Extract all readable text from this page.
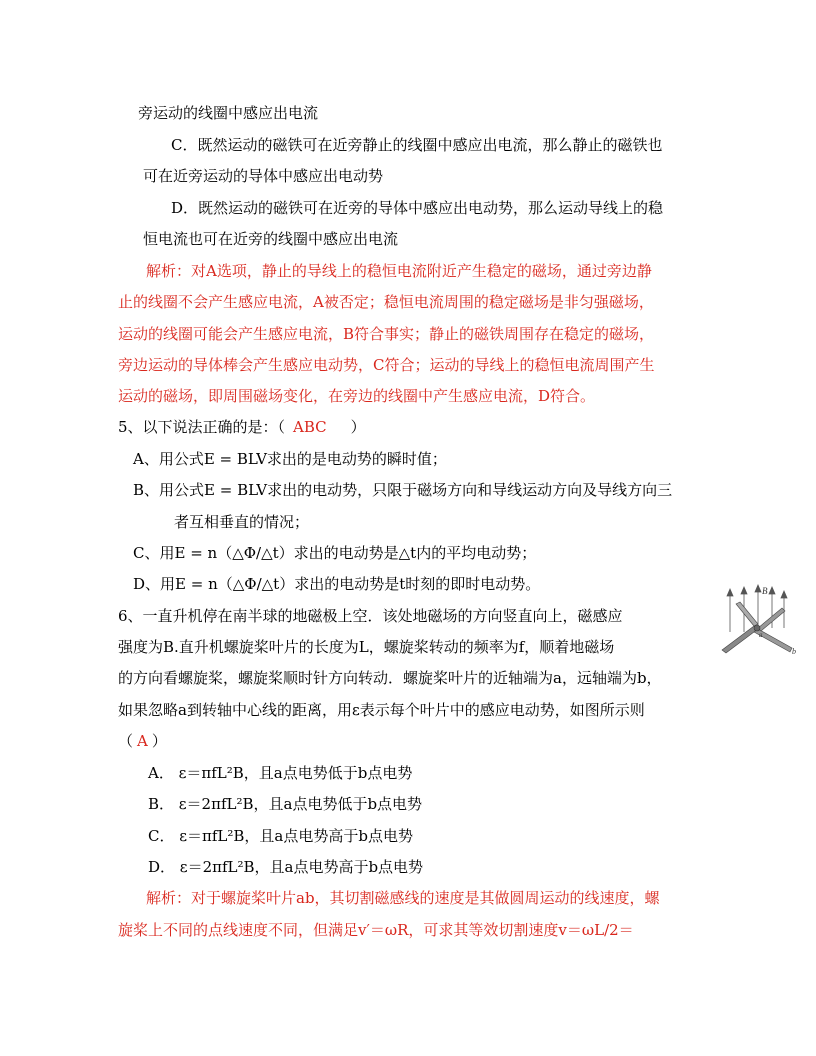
旁运动的线圈中感应出电流
C．既然运动的磁铁可在近旁静止的线圈中感应出电流，那么静止的磁铁也
可在近旁运动的导体中感应出电动势
D．既然运动的磁铁可在近旁的导体中感应出电动势，那么运动导线上的稳
恒电流也可在近旁的线圈中感应出电流
解析：对A选项，静止的导线上的稳恒电流附近产生稳定的磁场，通过旁边静
止的线圈不会产生感应电流，A被否定；稳恒电流周围的稳定磁场是非匀强磁场，
运动的线圈可能会产生感应电流，B符合事实；静止的磁铁周围存在稳定的磁场，
旁边运动的导体棒会产生感应电动势，C符合；运动的导线上的稳恒电流周围产生
运动的磁场，即周围磁场变化，在旁边的线圈中产生感应电流，D符合。
5、以下说法正确的是：（ ABC ）
A、用公式E = BLV求出的是电动势的瞬时值；
B、用公式E = BLV求出的电动势，只限于磁场方向和导线运动方向及导线方向三
者互相垂直的情况；
C、用E = n（△Φ/△t）求出的电动势是△t内的平均电动势；
D、用E = n（△Φ/△t）求出的电动势是t时刻的即时电动势。
6、一直升机停在南半球的地磁极上空．该处地磁场的方向竖直向上，磁感应
强度为B.直升机螺旋桨叶片的长度为L，螺旋桨转动的频率为f，顺着地磁场
的方向看螺旋桨，螺旋桨顺时针方向转动．螺旋桨叶片的近轴端为a，远轴端为b，
如果忽略a到转轴中心线的距离，用ε表示每个叶片中的感应电动势，如图所示则
（ A ）
A． ε＝πfL²B，且a点电势低于b点电势
B． ε＝2πfL²B，且a点电势低于b点电势
C． ε＝πfL²B，且a点电势高于b点电势
D． ε＝2πfL²B，且a点电势高于b点电势
解析：对于螺旋桨叶片ab，其切割磁感线的速度是其做圆周运动的线速度，螺
旋桨上不同的点线速度不同，但满足v′＝ωR，可求其等效切割速度v＝ωL/2＝
B
a
b
